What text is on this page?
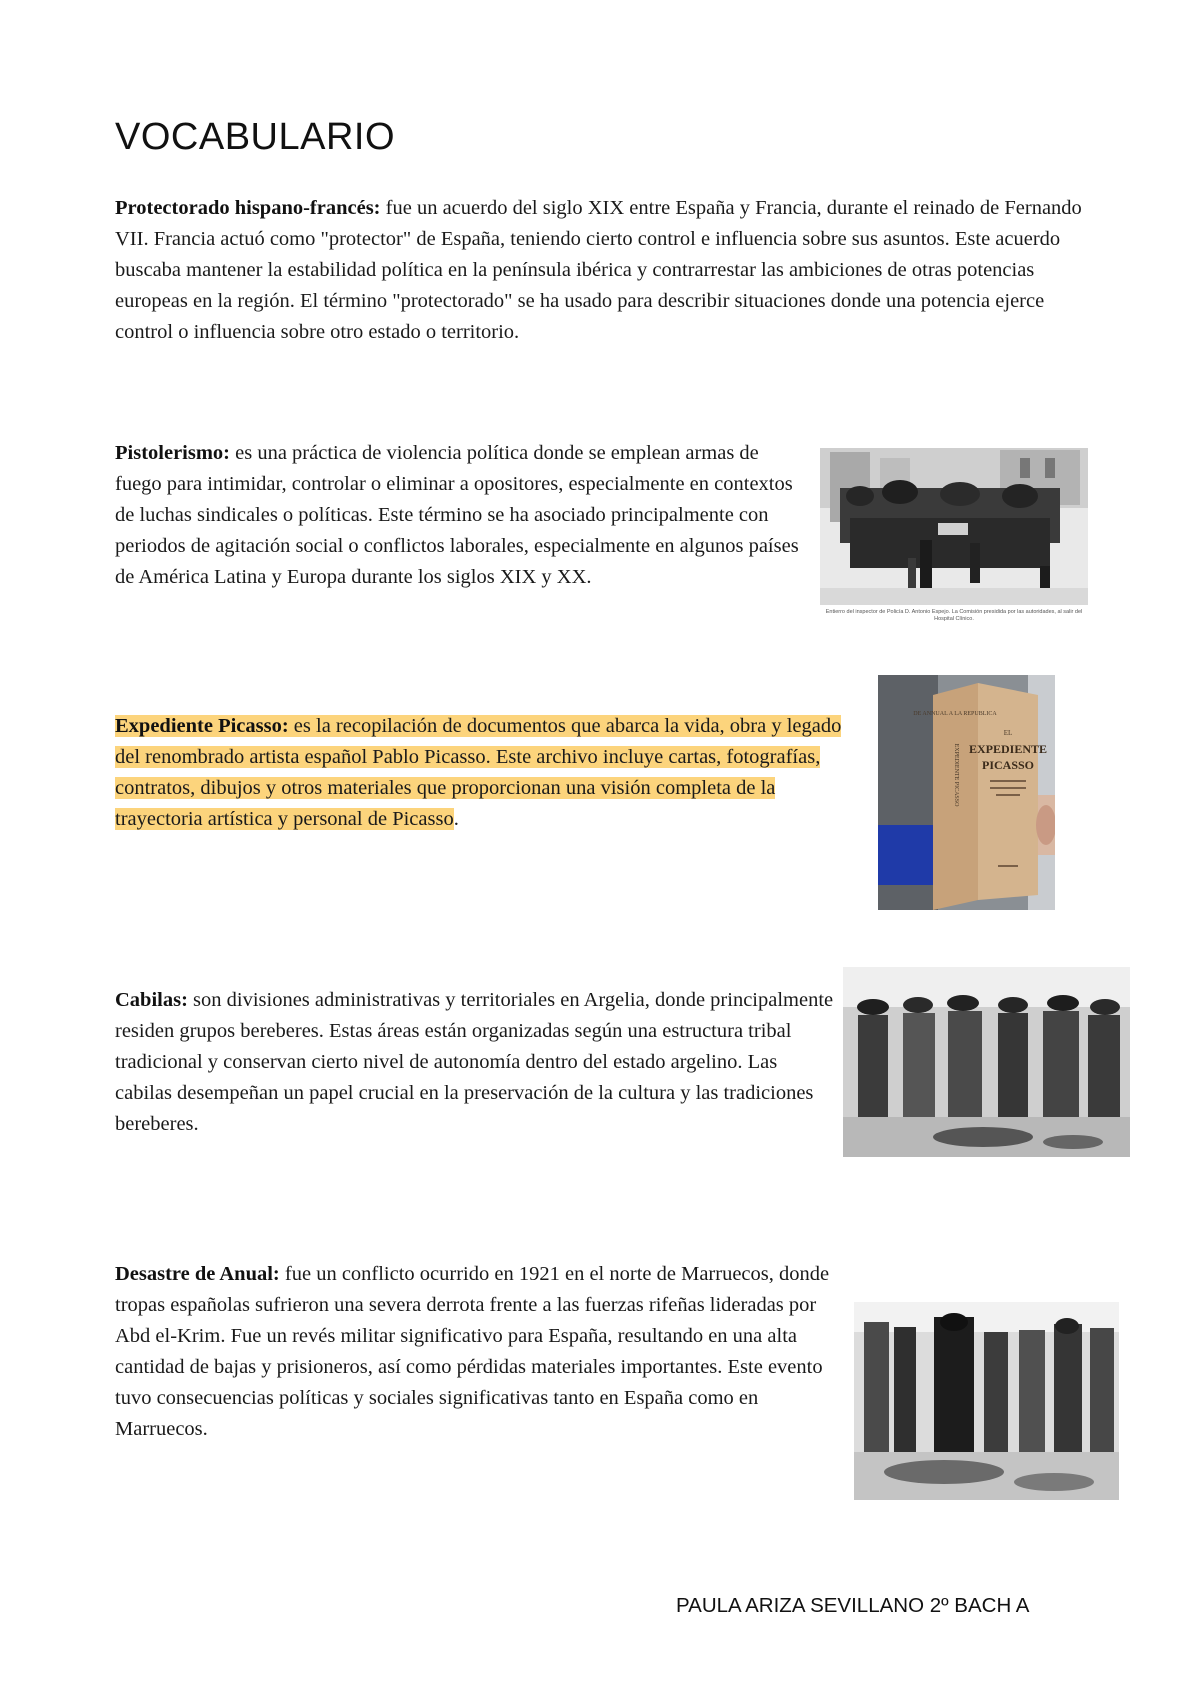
VOCABULARIO
Protectorado hispano-francés: fue un acuerdo del siglo XIX entre España y Francia, durante el reinado de Fernando VII. Francia actuó como "protector" de España, teniendo cierto control e influencia sobre sus asuntos. Este acuerdo buscaba mantener la estabilidad política en la península ibérica y contrarrestar las ambiciones de otras potencias europeas en la región. El término "protectorado" se ha usado para describir situaciones donde una potencia ejerce control o influencia sobre otro estado o territorio.
Pistolerismo: es una práctica de violencia política donde se emplean armas de fuego para intimidar, controlar o eliminar a opositores, especialmente en contextos de luchas sindicales o políticas. Este término se ha asociado principalmente con periodos de agitación social o conflictos laborales, especialmente en algunos países de América Latina y Europa durante los siglos XIX y XX.
Entierro del inspector de Policía D. Antonio Espejo. La Comisión presidida por las autoridades, al salir del Hospital Clínico.
Expediente Picasso: es la recopilación de documentos que abarca la vida, obra y legado del renombrado artista español Pablo Picasso. Este archivo incluye cartas, fotografías, contratos, dibujos y otros materiales que proporcionan una visión completa de la trayectoria artística y personal de Picasso.
DE ANNUAL A LA REPUBLICA
EXPEDIENTE PICASSO
EL
EXPEDIENTE
PICASSO
Cabilas: son divisiones administrativas y territoriales en Argelia, donde principalmente residen grupos bereberes. Estas áreas están organizadas según una estructura tribal tradicional y conservan cierto nivel de autonomía dentro del estado argelino. Las cabilas desempeñan un papel crucial en la preservación de la cultura y las tradiciones bereberes.
Desastre de Anual: fue un conflicto ocurrido en 1921 en el norte de Marruecos, donde tropas españolas sufrieron una severa derrota frente a las fuerzas rifeñas lideradas por Abd el-Krim. Fue un revés militar significativo para España, resultando en una alta cantidad de bajas y prisioneros, así como pérdidas materiales importantes. Este evento tuvo consecuencias políticas y sociales significativas tanto en España como en Marruecos.
PAULA ARIZA SEVILLANO 2º BACH A
